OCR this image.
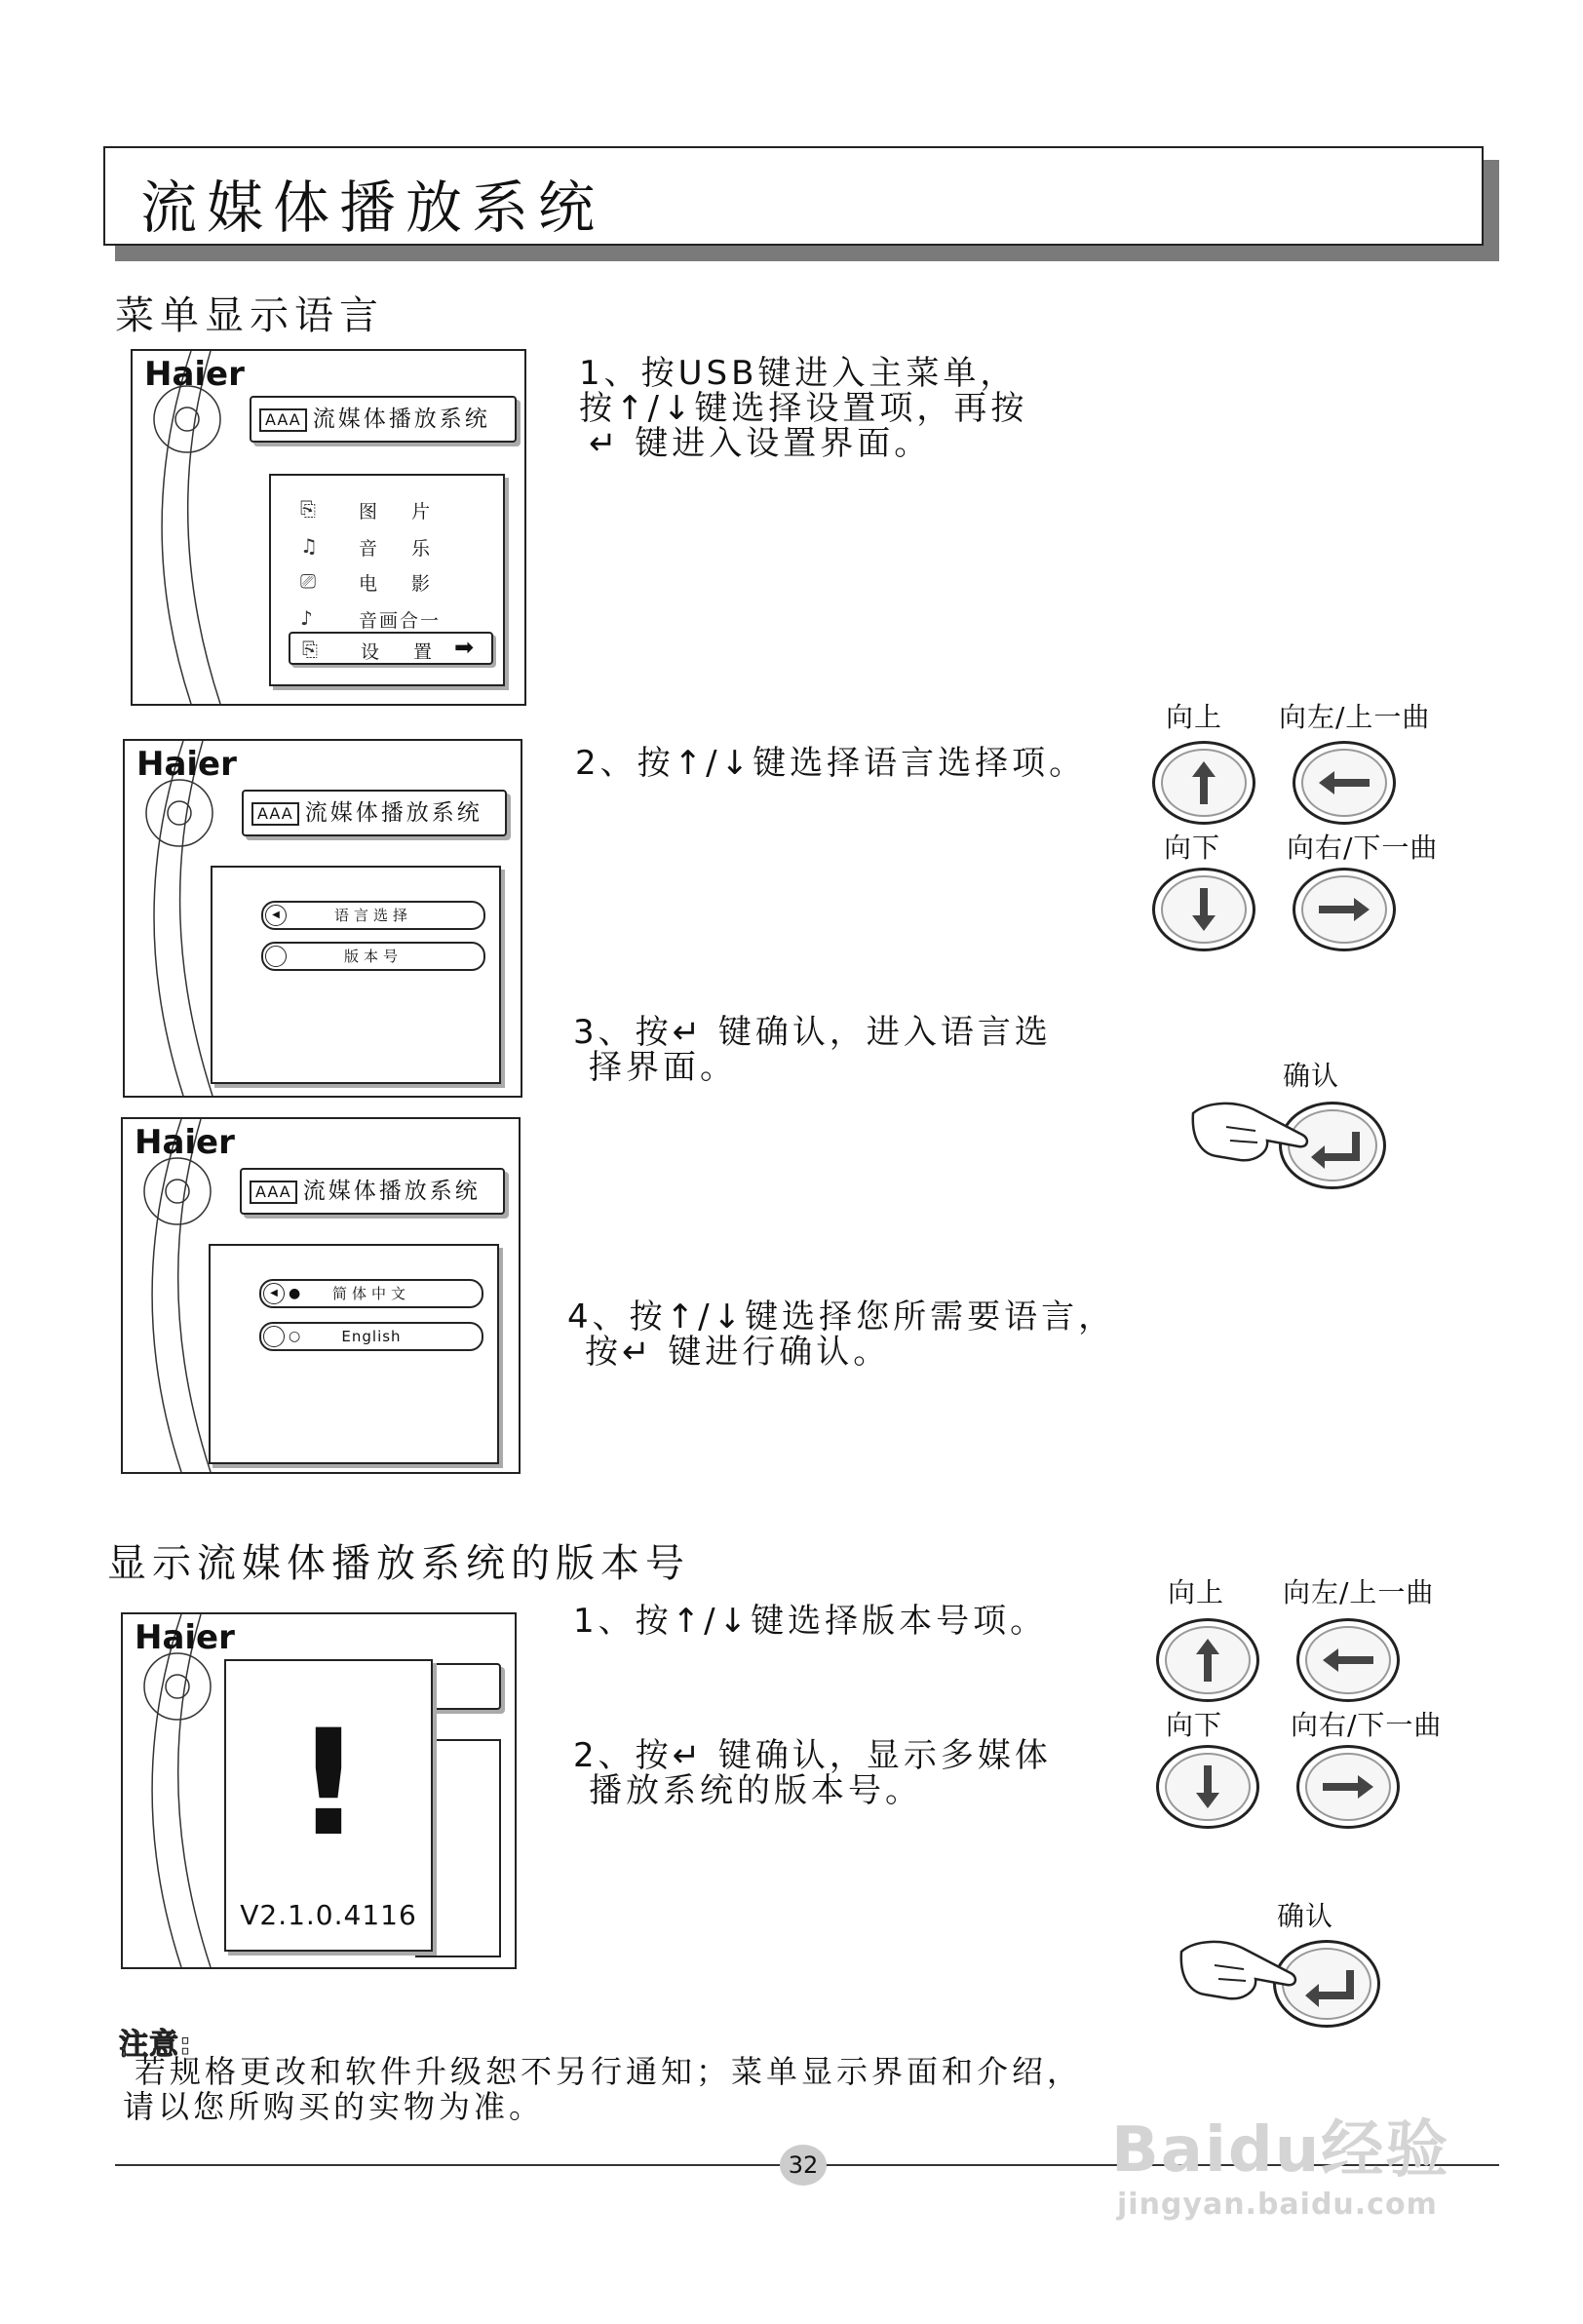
流媒体播放系统
菜单显示语言
Haier
AAA 流媒体播放系统
⎘ 图　片
♫ 音　乐
⎚ 电　影
♪ 音画合一
⎘ 设　置 ➡
1、按USB键进入主菜单，
按↑/↓键选择设置项，再按
↵ 键进入设置界面。
Haier
AAA 流媒体播放系统
◀	语言选择
版本号
2、按↑/↓键选择语言选择项。
3、按↵ 键确认，进入语言选
择界面。
Haier
AAA 流媒体播放系统
◀ ● 简体中文
○	English	4、按↑/↓键选择您所需要语言，
按↵ 键进行确认。
向上 向左/上一曲
向下 向右/下一曲
确认
显示流媒体播放系统的版本号
Haier
!
V2.1.0.4116
1、按↑/↓键选择版本号项。
2、按↵ 键确认，显示多媒体
播放系统的版本号。
向上 向左/上一曲
向下 向右/下一曲
确认
注意:
若规格更改和软件升级恕不另行通知；菜单显示界面和介绍，
请以您所购买的实物为准。
32	Baidu经验
jingyan.baidu.com
